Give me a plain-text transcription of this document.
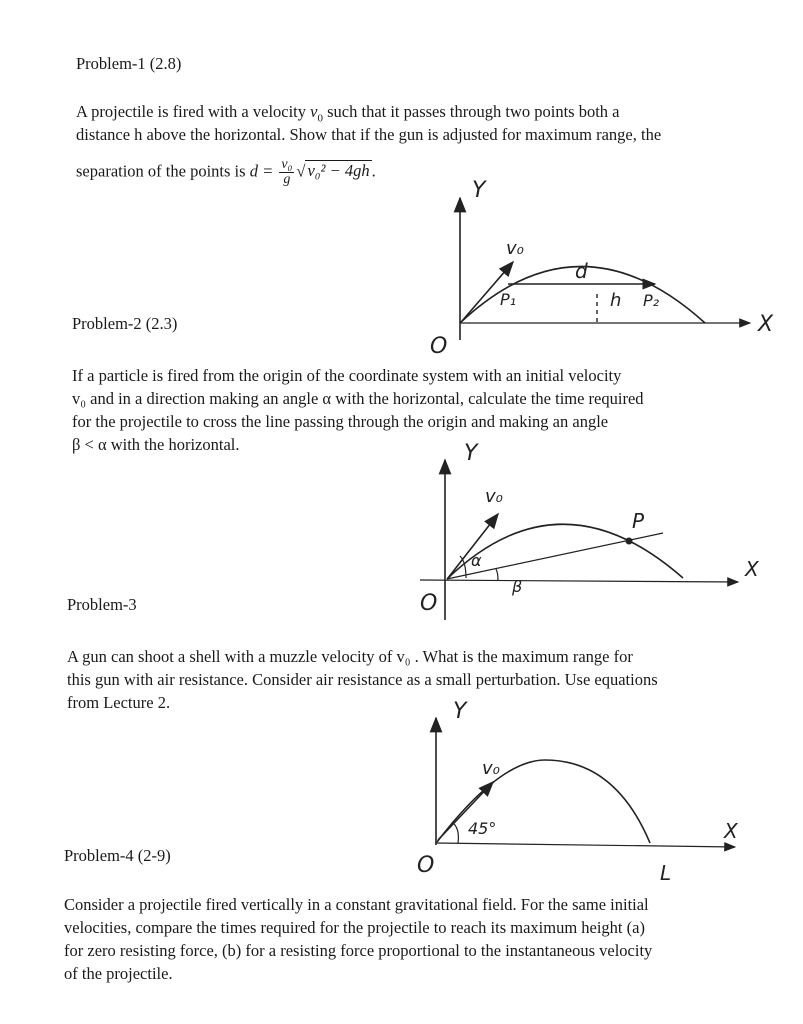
Problem-1 (2.8)
A projectile is fired with a velocity $v_0$ such that it passes through two points both a
distance h above the horizontal. Show that if the gun is adjusted for maximum range, the
separation of the points is $d = \frac{\text{v₀}}{g}$ √ v₀² − 4gh .
v₀
d
P₁	h P₂
Y
X
O
v₀
α
β
P
Y
X
O
v₀
45°
L
Y
X
O
Problem-2 (2.3)
If a particle is fired from the origin of the coordinate system with an initial velocity
v₀ and in a direction making an angle α with the horizontal, calculate the time required
for the projectile to cross the line passing through the origin and making an angle
β < α with the horizontal.
Problem-3
A gun can shoot a shell with a muzzle velocity of v₀ . What is the maximum range for
this gun with air resistance. Consider air resistance as a small perturbation. Use equations
from Lecture 2.
Problem-4 (2-9)
Consider a projectile fired vertically in a constant gravitational field. For the same initial
velocities, compare the times required for the projectile to reach its maximum height (a)
for zero resisting force, (b) for a resisting force proportional to the instantaneous velocity
of the projectile.
